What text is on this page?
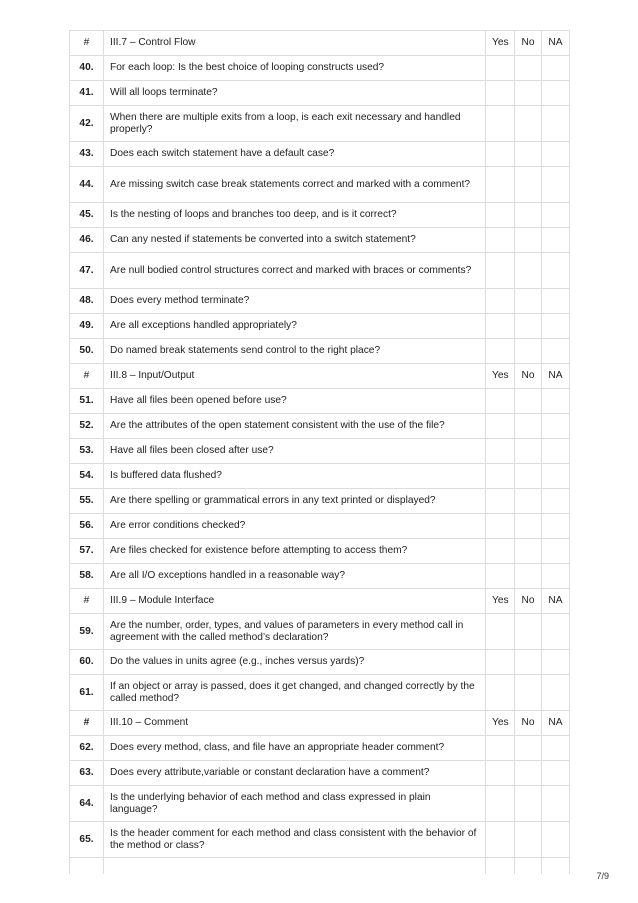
#	III.7 – Control Flow	Yes	No	NA
40.	For each loop: Is the best choice of looping constructs used?			
41.	Will all loops terminate?			
42.	When there are multiple exits from a loop, is each exit necessary and handled properly?			
43.	Does each switch statement have a default case?			
44.	Are missing switch case break statements correct and marked with a comment?			
45.	Is the nesting of loops and branches too deep, and is it correct?			
46.	Can any nested if statements be converted into a switch statement?			
47.	Are null bodied control structures correct and marked with braces or comments?			
48.	Does every method terminate?			
49.	Are all exceptions handled appropriately?			
50.	Do named break statements send control to the right place?			
#	III.8 – Input/Output	Yes	No	NA
51.	Have all files been opened before use?			
52.	Are the attributes of the open statement consistent with the use of the file?			
53.	Have all files been closed after use?			
54.	Is buffered data flushed?			
55.	Are there spelling or grammatical errors in any text printed or displayed?			
56.	Are error conditions checked?			
57.	Are files checked for existence before attempting to access them?			
58.	Are all I/O exceptions handled in a reasonable way?			
#	III.9 – Module Interface	Yes	No	NA
59.	Are the number, order, types, and values of parameters in every method call in agreement with the called method’s declaration?			
60.	Do the values in units agree (e.g., inches versus yards)?			
61.	If an object or array is passed, does it get changed, and changed correctly by the called method?			
#	III.10 – Comment	Yes	No	NA
62.	Does every method, class, and file have an appropriate header comment?			
63.	Does every attribute,variable or constant declaration have a comment?			
64.	Is the underlying behavior of each method and class expressed in plain language?			
65.	Is the header comment for each method and class consistent with the behavior of the method or class?			

7/9
